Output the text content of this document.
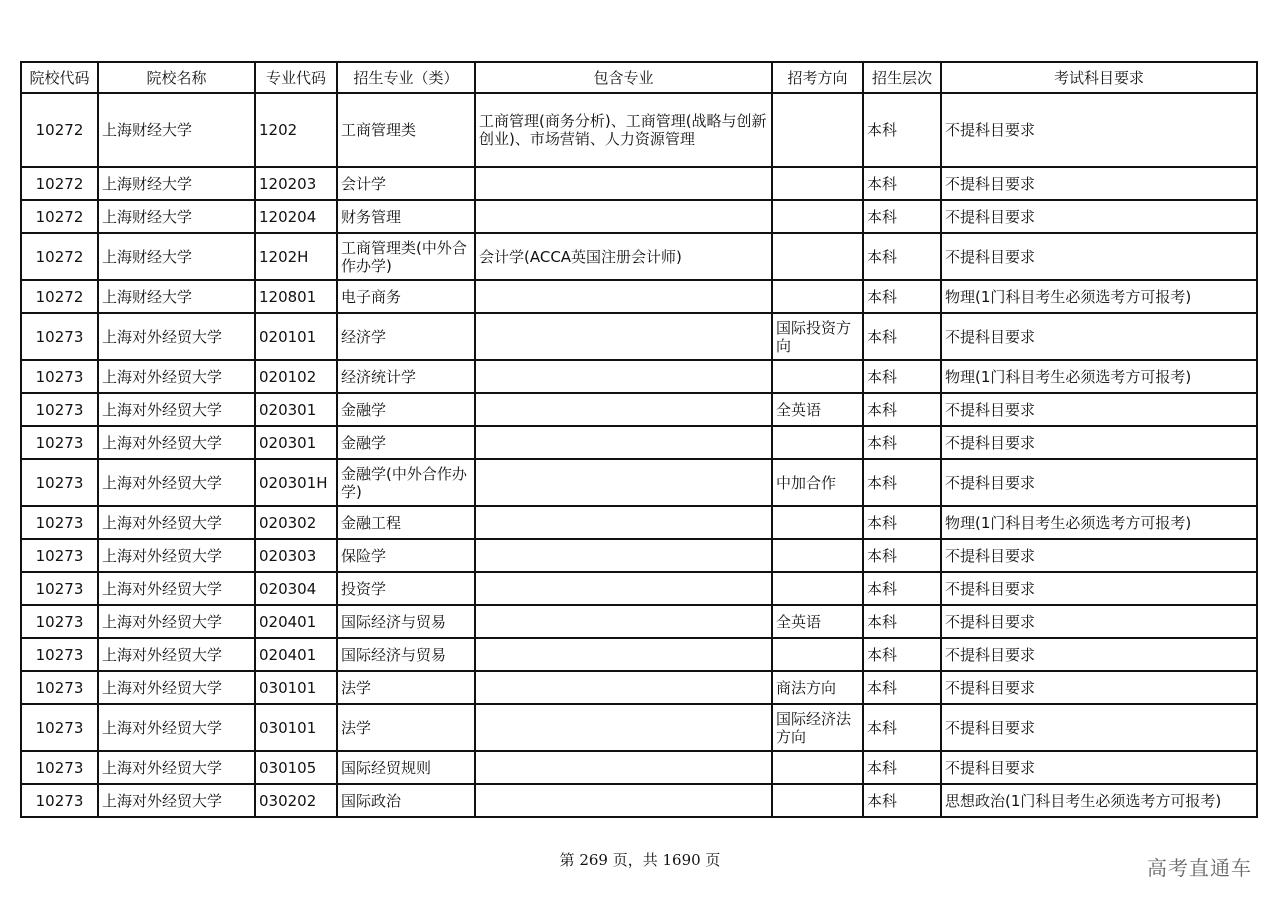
院校代码	院校名称	专业代码	招生专业（类）	包含专业	招考方向	招生层次	考试科目要求
10272	上海财经大学	1202	工商管理类	工商管理(商务分析)、工商管理(战略与创新创业)、市场营销、人力资源管理		本科	不提科目要求
10272	上海财经大学	120203	会计学			本科	不提科目要求
10272	上海财经大学	120204	财务管理			本科	不提科目要求
10272	上海财经大学	1202H	工商管理类(中外合作办学)	会计学(ACCA英国注册会计师)		本科	不提科目要求
10272	上海财经大学	120801	电子商务			本科	物理(1门科目考生必须选考方可报考)
10273	上海对外经贸大学	020101	经济学		国际投资方向	本科	不提科目要求
10273	上海对外经贸大学	020102	经济统计学			本科	物理(1门科目考生必须选考方可报考)
10273	上海对外经贸大学	020301	金融学		全英语	本科	不提科目要求
10273	上海对外经贸大学	020301	金融学			本科	不提科目要求
10273	上海对外经贸大学	020301H	金融学(中外合作办学)		中加合作	本科	不提科目要求
10273	上海对外经贸大学	020302	金融工程			本科	物理(1门科目考生必须选考方可报考)
10273	上海对外经贸大学	020303	保险学			本科	不提科目要求
10273	上海对外经贸大学	020304	投资学			本科	不提科目要求
10273	上海对外经贸大学	020401	国际经济与贸易		全英语	本科	不提科目要求
10273	上海对外经贸大学	020401	国际经济与贸易			本科	不提科目要求
10273	上海对外经贸大学	030101	法学		商法方向	本科	不提科目要求
10273	上海对外经贸大学	030101	法学		国际经济法方向	本科	不提科目要求
10273	上海对外经贸大学	030105	国际经贸规则			本科	不提科目要求
10273	上海对外经贸大学	030202	国际政治			本科	思想政治(1门科目考生必须选考方可报考)
第 269 页，共 1690 页	高考直通车
